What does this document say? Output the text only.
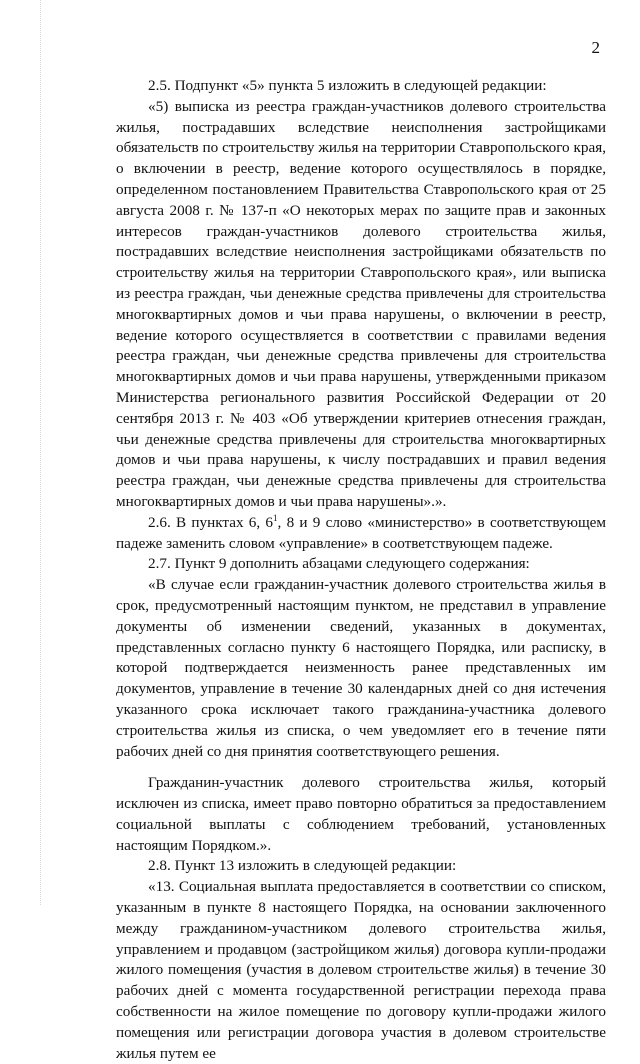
2

2.5. Подпункт «5» пункта 5 изложить в следующей редакции:

«5) выписка из реестра граждан-участников долевого строительства жилья, пострадавших вследствие неисполнения застройщиками обязательств по строительству жилья на территории Ставропольского края, о включении в реестр, ведение которого осуществлялось в порядке, определенном постановлением Правительства Ставропольского края от 25 августа 2008 г. № 137-п «О некоторых мерах по защите прав и законных интересов граждан-участников долевого строительства жилья, пострадавших вследствие неисполнения застройщиками обязательств по строительству жилья на территории Ставропольского края», или выписка из реестра граждан, чьи денежные средства привлечены для строительства многоквартирных домов и чьи права нарушены, о включении в реестр, ведение которого осуществляется в соответствии с правилами ведения реестра граждан, чьи денежные средства привлечены для строительства многоквартирных домов и чьи права нарушены, утвержденными приказом Министерства регионального развития Российской Федерации от 20 сентября 2013 г. № 403 «Об утверждении критериев отнесения граждан, чьи денежные средства привлечены для строительства многоквартирных домов и чьи права нарушены, к числу пострадавших и правил ведения реестра граждан, чьи денежные средства привлечены для строительства многоквартирных домов и чьи права нарушены».».

2.6. В пунктах 6, $6^1$, 8 и 9 слово «министерство» в соответствующем падеже заменить словом «управление» в соответствующем падеже.

2.7. Пункт 9 дополнить абзацами следующего содержания:

«В случае если гражданин-участник долевого строительства жилья в срок, предусмотренный настоящим пунктом, не представил в управление документы об изменении сведений, указанных в документах, представленных согласно пункту 6 настоящего Порядка, или расписку, в которой подтверждается неизменность ранее представленных им документов, управление в течение 30 календарных дней со дня истечения указанного срока исключает такого гражданина-участника долевого строительства жилья из списка, о чем уведомляет его в течение пяти рабочих дней со дня принятия соответствующего решения.

Гражданин-участник долевого строительства жилья, который исключен из списка, имеет право повторно обратиться за предоставлением социальной выплаты с соблюдением требований, установленных настоящим Порядком.».

2.8. Пункт 13 изложить в следующей редакции:

«13. Социальная выплата предоставляется в соответствии со списком, указанным в пункте 8 настоящего Порядка, на основании заключенного между гражданином-участником долевого строительства жилья, управлением и продавцом (застройщиком жилья) договора купли-продажи жилого помещения (участия в долевом строительстве жилья) в течение 30 рабочих дней с момента государственной регистрации перехода права собственности на жилое помещение по договору купли-продажи жилого помещения или регистрации договора участия в долевом строительстве жилья путем ее
